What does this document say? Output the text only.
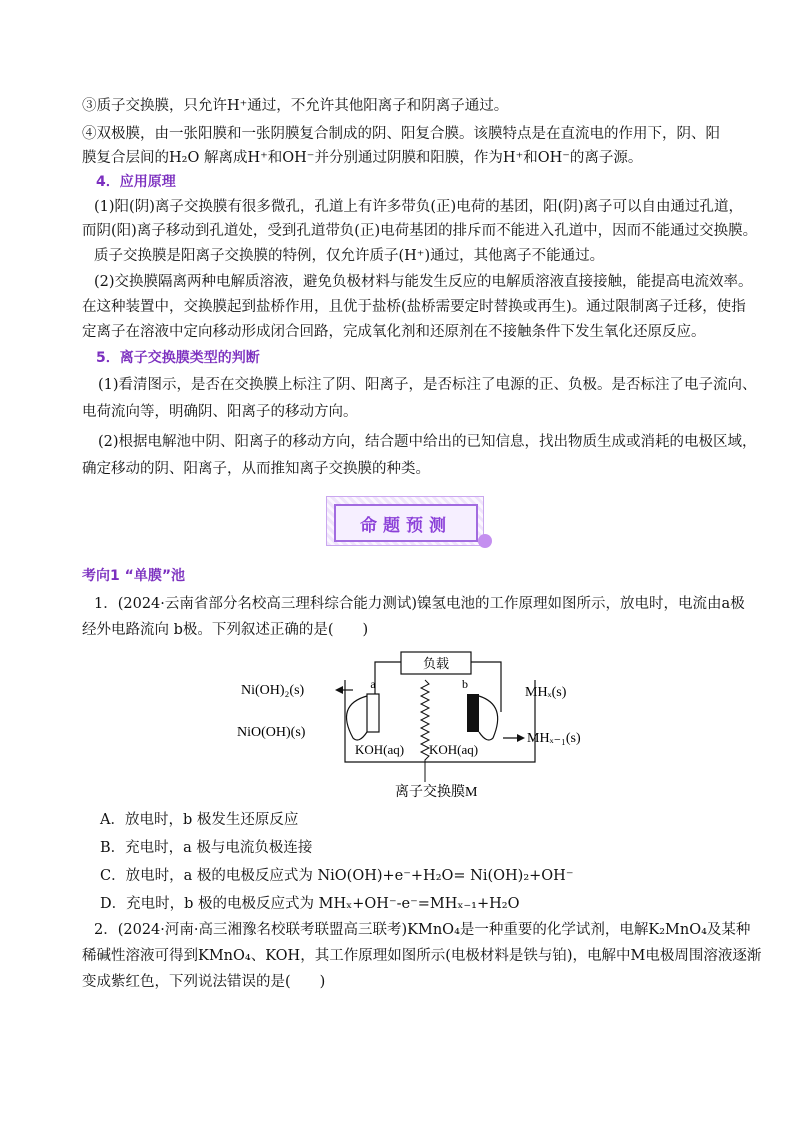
③质子交换膜，只允许H⁺通过，不允许其他阳离子和阴离子通过。
④双极膜，由一张阳膜和一张阴膜复合制成的阴、阳复合膜。该膜特点是在直流电的作用下，阴、阳
膜复合层间的H₂O 解离成H⁺和OH⁻并分别通过阴膜和阳膜，作为H⁺和OH⁻的离子源。
4．应用原理
(1)阳(阴)离子交换膜有很多微孔，孔道上有许多带负(正)电荷的基团，阳(阴)离子可以自由通过孔道，
而阴(阳)离子移动到孔道处，受到孔道带负(正)电荷基团的排斥而不能进入孔道中，因而不能通过交换膜。
质子交换膜是阳离子交换膜的特例，仅允许质子(H⁺)通过，其他离子不能通过。
(2)交换膜隔离两种电解质溶液，避免负极材料与能发生反应的电解质溶液直接接触，能提高电流效率。
在这种装置中，交换膜起到盐桥作用，且优于盐桥(盐桥需要定时替换或再生)。通过限制离子迁移，使指
定离子在溶液中定向移动形成闭合回路，完成氧化剂和还原剂在不接触条件下发生氧化还原反应。
5．离子交换膜类型的判断
(1)看清图示，是否在交换膜上标注了阴、阳离子，是否标注了电源的正、负极。是否标注了电子流向、
电荷流向等，明确阴、阳离子的移动方向。
(2)根据电解池中阴、阳离子的移动方向，结合题中给出的已知信息，找出物质生成或消耗的电极区域，
确定移动的阴、阳离子，从而推知离子交换膜的种类。
命题预测
考向1 “单膜”池
1．(2024·云南省部分名校高三理科综合能力测试)镍氢电池的工作原理如图所示，放电时，电流由a极
经外电路流向 b极。下列叙述正确的是(　　)
负载
a	b
Ni(OH)₂(s)
NiO(OH)(s)
MHₓ(s)
MHₓ₋₁(s)
KOH(aq) KOH(aq)
离子交换膜M
A．放电时，b 极发生还原反应
B．充电时，a 极与电流负极连接
C．放电时，a 极的电极反应式为 NiO(OH)+e⁻+H₂O= Ni(OH)₂+OH⁻
D．充电时，b 极的电极反应式为 MHₓ+OH⁻-e⁻=MHₓ₋₁+H₂O
2．(2024·河南·高三湘豫名校联考联盟高三联考)KMnO₄是一种重要的化学试剂，电解K₂MnO₄及某种
稀碱性溶液可得到KMnO₄、KOH，其工作原理如图所示(电极材料是铁与铂)，电解中M电极周围溶液逐渐
变成紫红色，下列说法错误的是(　　)
